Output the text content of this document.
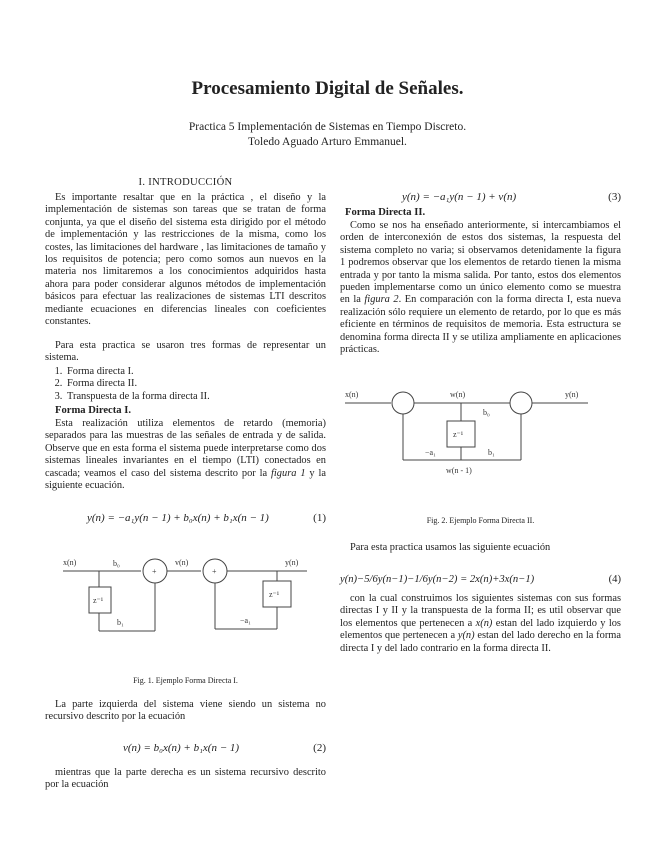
Procesamiento Digital de Señales.
Practica 5 Implementación de Sistemas en Tiempo Discreto.
Toledo Aguado Arturo Emmanuel.
I. INTRODUCCIÓN

Es importante resaltar que en la práctica , el diseño y la implementación de sistemas son tareas que se tratan de forma conjunta, ya que el diseño del sistema esta dirigido por el método de implementación y las restricciones de la misma, como los costes, las limitaciones del hardware , las limitaciones de tamaño y los requisitos de potencia; pero como somos aun nuevos en la materia nos limitaremos a los conocimientos adquiridos hasta ahora para poder considerar algunos métodos de implementación básicos para efectuar las realizaciones de sistemas LTI descritos mediante ecuaciones en diferencias lineales con coeficientes constantes.

Para esta practica se usaron tres formas de representar un sistema.

1. Forma directa I.
2. Forma directa II.
3. Transpuesta de la forma directa II.
Forma Directa I.

Esta realización utiliza elementos de retardo (memoria) separados para las muestras de las señales de entrada y de salida. Observe que en esta forma el sistema puede interpretarse como dos sistemas lineales invariantes en el tiempo (LTI) conectados en cascada; veamos el caso del sistema descrito por la figura 1 y la siguiente ecuación.

y(n) = −a₁y(n − 1) + b₀x(n) + b₁x(n − 1)	(1)
x(n)	b₀
+
v(n)
+
y(n)
z⁻¹
z⁻¹
b₁	−a₁
Fig. 1. Ejemplo Forma Directa I.

La parte izquierda del sistema viene siendo un sistema no recursivo descrito por la ecuación

v(n) = b₀x(n) + b₁x(n − 1)	(2)

mientras que la parte derecha es un sistema recursivo descrito por la ecuación

y(n) = −a₁y(n − 1) + v(n)	(3)
Forma Directa II.

Como se nos ha enseñado anteriormente, si intercambiamos el orden de interconexión de estos dos sistemas, la respuesta del sistema completo no varia; si observamos detenidamente la figura 1 podremos observar que los elementos de retardo tienen la misma entrada y por tanto la misma salida. Por tanto, estos dos elementos pueden implementarse como un único elemento como se muestra en la figura 2. En comparación con la forma directa I, esta nueva realización sólo requiere un elemento de retardo, por lo que es más eficiente en términos de requisitos de memoria. Esta estructura se denomina forma directa II y se utiliza ampliamente en aplicaciones prácticas.

x(n)	w(n)
b₀
y(n)
z⁻¹
−a₁	b₁
w(n - 1)
Fig. 2. Ejemplo Forma Directa II.

Para esta practica usamos las siguiente ecuación

y(n)−5/6y(n−1)−1/6y(n−2) = 2x(n)+3x(n−1)	(4)

con la cual construimos los siguientes sistemas con sus formas directas I y II y la transpuesta de la forma II; es util observar que los elementos que pertenecen a x(n) estan del lado izquierdo y los elementos que pertenecen a y(n) estan del lado derecho en la forma directa I y del lado contrario en la forma directa II.
